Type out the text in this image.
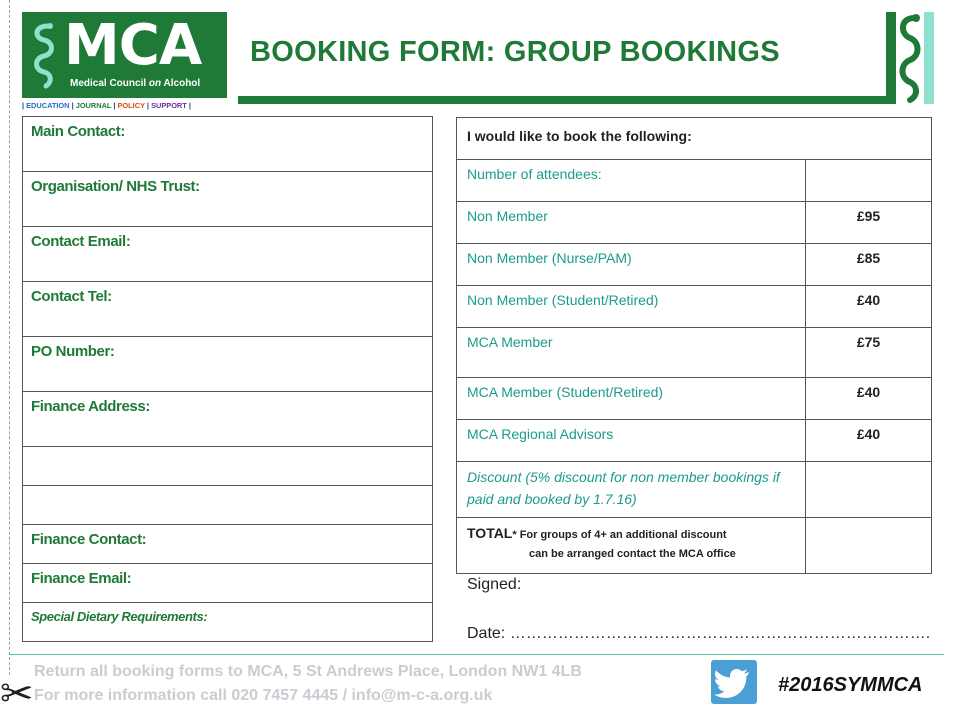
MCA
Medical Council on Alcohol
| EDUCATION | JOURNAL | POLICY | SUPPORT |
BOOKING FORM: GROUP BOOKINGS
Main Contact:
Organisation/ NHS Trust:
Contact Email:
Contact Tel:
PO Number:
Finance Address:

Finance Contact:
Finance Email:
Special Dietary Requirements:
I would like to book the following:	
Number of attendees:	
Non Member	£95
Non Member (Nurse/PAM)	£85
Non Member (Student/Retired)	£40
MCA Member	£75
MCA Member (Student/Retired)	£40
MCA Regional Advisors	£40
Discount (5% discount for non member bookings if paid and booked by 1.7.16)	
TOTAL* For groups of 4+ an additional discount
can be arranged contact the MCA office	

Signed:
Date: …………………………………………………………………….
Return all booking forms to MCA, 5 St Andrews Place, London NW1 4LB
For more information call 020 7457 4445 / info@m-c-a.org.uk
✂	#2016SYMMCA
